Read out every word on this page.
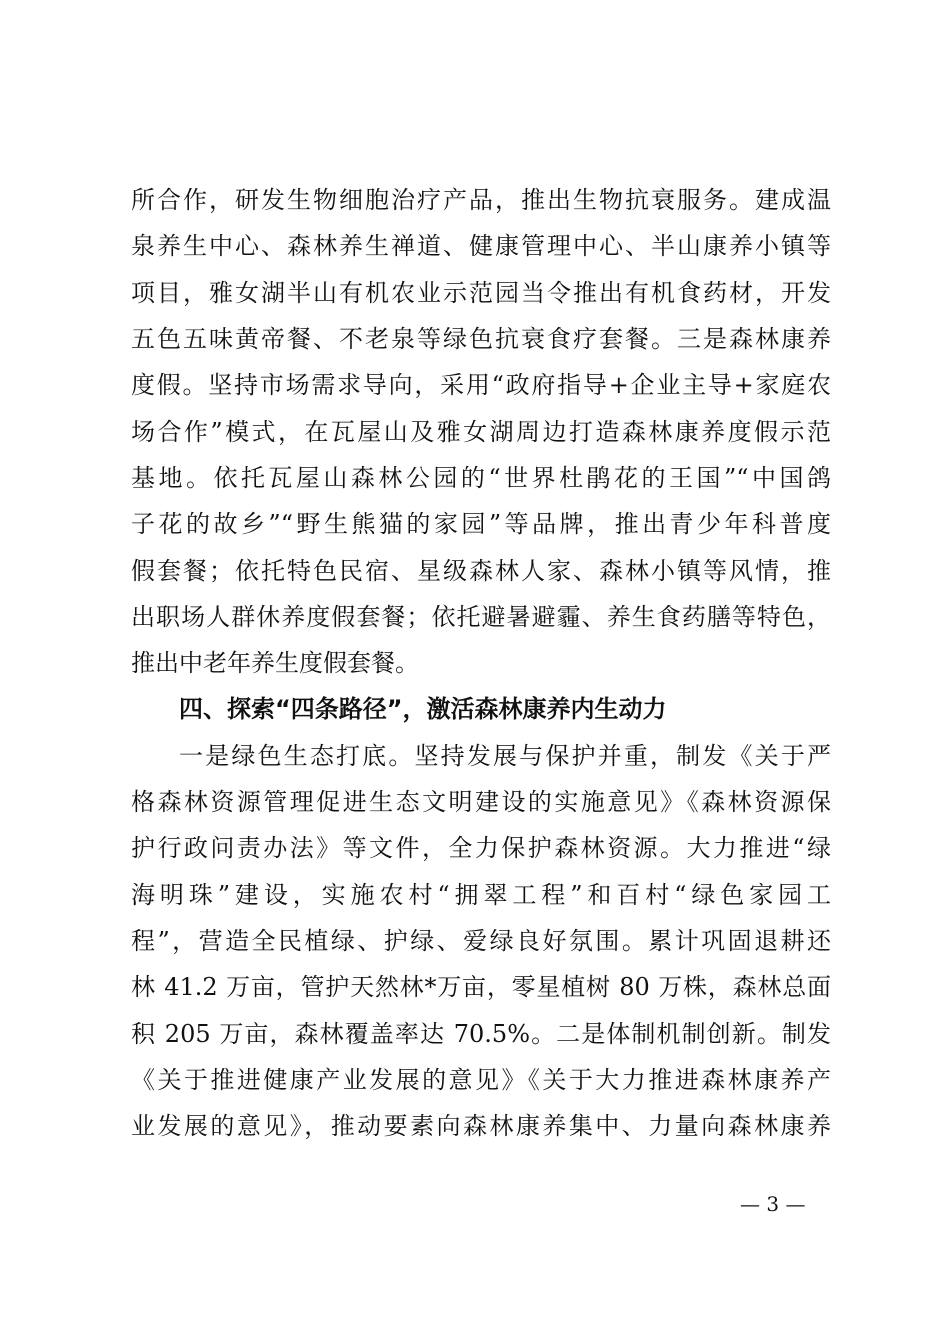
所合作，研发生物细胞治疗产品，推出生物抗衰服务。建成温
泉养生中心、森林养生禅道、健康管理中心、半山康养小镇等
项目，雅女湖半山有机农业示范园当令推出有机食药材，开发
五色五味黄帝餐、不老泉等绿色抗衰食疗套餐。三是森林康养
度假。坚持市场需求导向，采用“政府指导+企业主导+家庭农
场合作”模式，在瓦屋山及雅女湖周边打造森林康养度假示范
基地。依托瓦屋山森林公园的“世界杜鹃花的王国”“中国鸽
子花的故乡”“野生熊猫的家园”等品牌，推出青少年科普度
假套餐；依托特色民宿、星级森林人家、森林小镇等风情，推
出职场人群休养度假套餐；依托避暑避霾、养生食药膳等特色，
推出中老年养生度假套餐。
四、探索“四条路径”，激活森林康养内生动力
一是绿色生态打底。坚持发展与保护并重，制发《关于严
格森林资源管理促进生态文明建设的实施意见》《森林资源保
护行政问责办法》等文件，全力保护森林资源。大力推进“绿
海明珠”建设，实施农村“拥翠工程”和百村“绿色家园工
程”，营造全民植绿、护绿、爱绿良好氛围。累计巩固退耕还
林 41.2 万亩，管护天然林*万亩，零星植树 80 万株，森林总面
积 205 万亩，森林覆盖率达 70.5%。二是体制机制创新。制发
《关于推进健康产业发展的意见》《关于大力推进森林康养产
业发展的意见》，推动要素向森林康养集中、力量向森林康养
— 3 —
